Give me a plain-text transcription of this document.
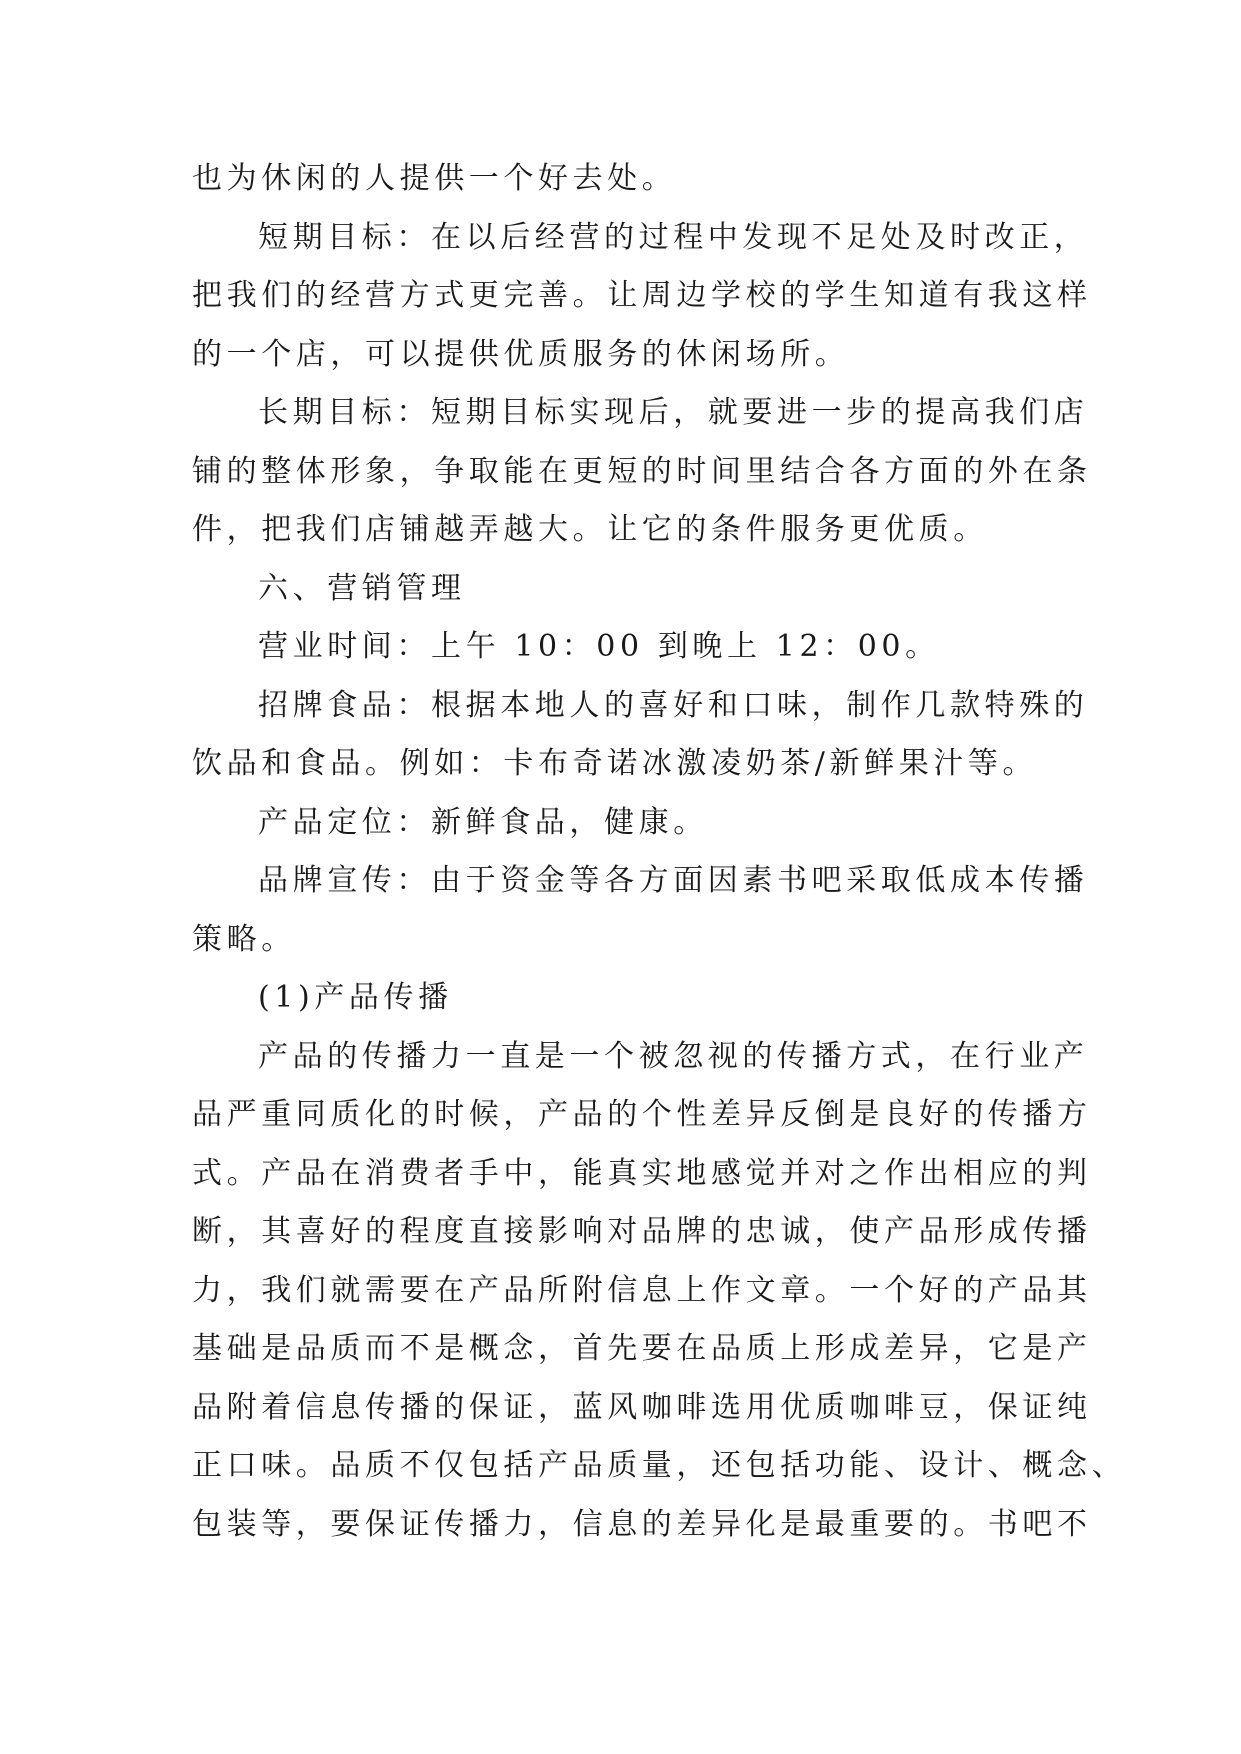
也为休闲的人提供一个好去处。
短期目标：在以后经营的过程中发现不足处及时改正，
把我们的经营方式更完善。让周边学校的学生知道有我这样
的一个店，可以提供优质服务的休闲场所。
长期目标：短期目标实现后，就要进一步的提高我们店
铺的整体形象，争取能在更短的时间里结合各方面的外在条
件，把我们店铺越弄越大。让它的条件服务更优质。
六、营销管理
营业时间：上午 10：00 到晚上 12：00。
招牌食品：根据本地人的喜好和口味，制作几款特殊的
饮品和食品。例如：卡布奇诺冰激凌奶茶/新鲜果汁等。
产品定位：新鲜食品，健康。
品牌宣传：由于资金等各方面因素书吧采取低成本传播
策略。
(1)产品传播
产品的传播力一直是一个被忽视的传播方式，在行业产
品严重同质化的时候，产品的个性差异反倒是良好的传播方
式。产品在消费者手中，能真实地感觉并对之作出相应的判
断，其喜好的程度直接影响对品牌的忠诚，使产品形成传播
力，我们就需要在产品所附信息上作文章。一个好的产品其
基础是品质而不是概念，首先要在品质上形成差异，它是产
品附着信息传播的保证，蓝风咖啡选用优质咖啡豆，保证纯
正口味。品质不仅包括产品质量，还包括功能、设计、概念、
包装等，要保证传播力，信息的差异化是最重要的。书吧不
